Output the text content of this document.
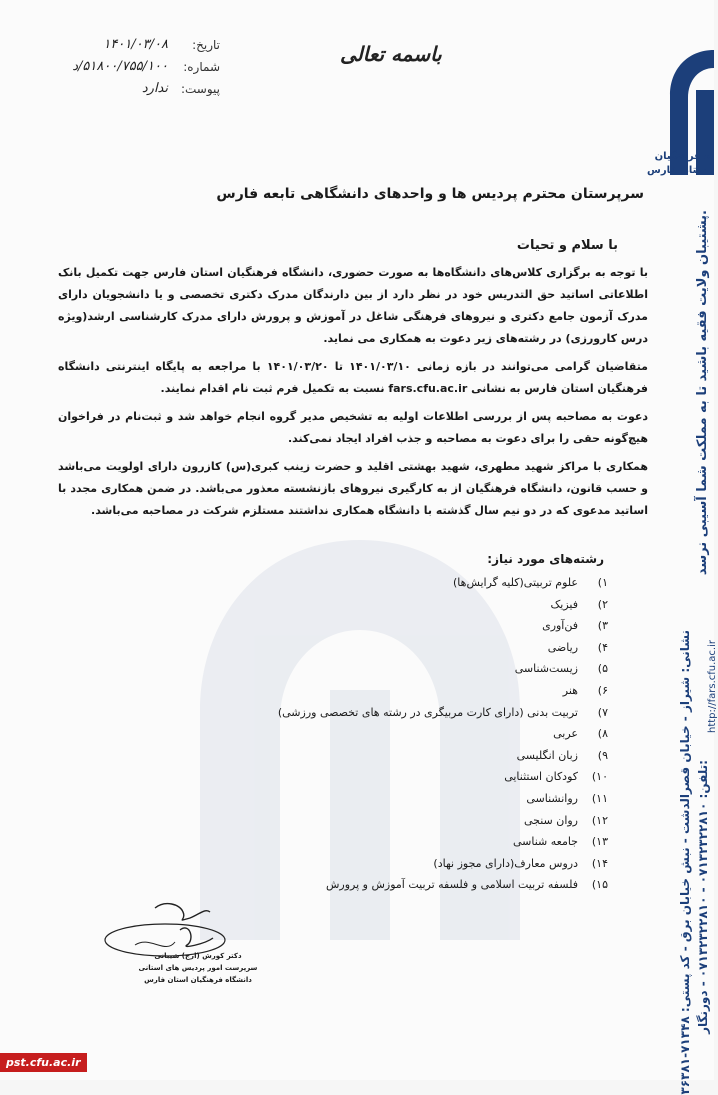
تاریخ:
۱۴۰۱/۰۳/۰۸
شماره:
۵۱۸۰۰/۷۵۵/۱۰۰/د
پیوست:
ندارد
باسمه تعالی
ه فرهنگیان
استان فارس
پشتیبان ولایت فقیه باشید تا به مملکت شما آسیبی نرسد.
نشانی: شیراز - خیابان قصرالدشت - نبش خیابان برق - کد پستی: ۷۱۳۴۸-۳۶۳۸۱ تلفن: ۰۷۱۳۲۳۲۲۸۱۰ - ۰۷۱۳۲۳۲۲۸۱۰ - دورنگار:
http://fars.cfu.ac.ir
سرپرستان محترم پردیس ها و واحدهای دانشگاهی تابعه فارس
با سلام و تحیات

با توجه به برگزاری کلاس‌های دانشگاه‌ها به صورت حضوری، دانشگاه فرهنگیان استان فارس جهت تکمیل بانک اطلاعاتی اساتید حق التدریس خود در نظر دارد از بین دارندگان مدرک دکتری تخصصی و یا دانشجویان دارای مدرک آزمون جامع دکتری و نیروهای فرهنگی شاغل در آموزش و پرورش دارای مدرک کارشناسی ارشد(ویژه درس کارورزی) در رشته‌های زیر دعوت به همکاری می نماید.

متقاضیان گرامی می‌توانند در بازه زمانی ۱۴۰۱/۰۳/۱۰ تا ۱۴۰۱/۰۳/۲۰ با مراجعه به پایگاه اینترنتی دانشگاه فرهنگیان استان فارس به نشانی fars.cfu.ac.ir نسبت به تکمیل فرم ثبت نام اقدام نمایند.

دعوت به مصاحبه پس از بررسی اطلاعات اولیه به تشخیص مدیر گروه انجام خواهد شد و ثبت‌نام در فراخوان هیچ‌گونه حقی را برای دعوت به مصاحبه و جذب افراد ایجاد نمی‌کند.

همکاری با مراکز شهید مطهری، شهید بهشتی اقلید و حضرت زینب کبری(س) کازرون دارای اولویت می‌باشد و حسب قانون، دانشگاه فرهنگیان از به کارگیری نیروهای بازنشسته معذور می‌باشد. در ضمن همکاری مجدد با اساتید مدعوی که در دو نیم سال گذشته با دانشگاه همکاری نداشتند مستلزم شرکت در مصاحبه می‌باشد.

رشته‌های مورد نیاز:
۱)
علوم تربیتی(کلیه گرایش‌ها)
۲)
فیزیک
۳)
فن‌آوری
۴)
ریاضی
۵)
زیست‌شناسی
۶)
هنر
۷)
تربیت بدنی (دارای کارت مربیگری در رشته های تخصصی ورزشی)
۸)
عربی
۹)
زبان انگلیسی
۱۰)
کودکان استثنایی
۱۱)
روانشناسی
۱۲)
روان سنجی
۱۳)
جامعه شناسی
۱۴)
دروس معارف(دارای مجوز نهاد)
۱۵)
فلسفه تربیت اسلامی و فلسفه تربیت آموزش و پرورش
دکتر کورش (ارج) شیبانی
سرپرست امور پردیس های استانی
دانشگاه فرهنگیان استان فارس
pst.cfu.ac.ir
